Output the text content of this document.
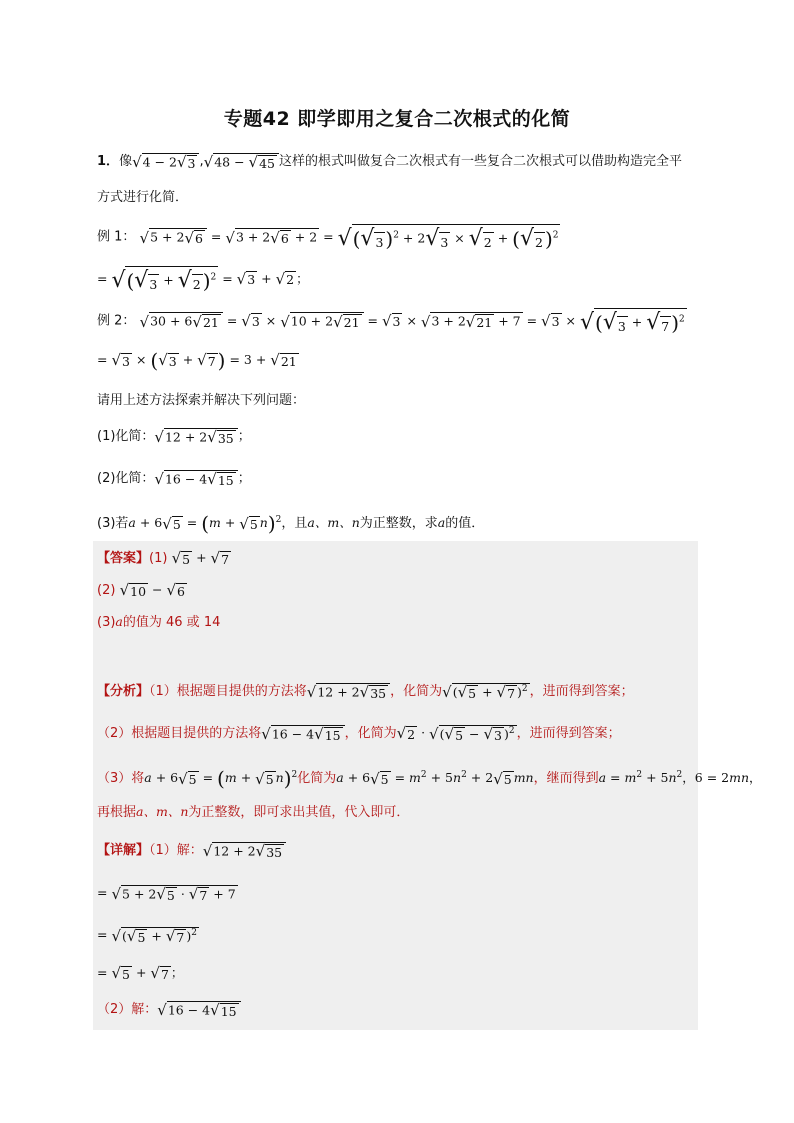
专题42 即学即用之复合二次根式的化简
1．像 √ 4 − 2 √ 3 , √ 48 − √ 45 这样的根式叫做复合二次根式有一些复合二次根式可以借助构造完全平
方式进行化简．
例 1： √ 5 + 2 √ 6 = √ 3 + 2 √ 6 + 2 = √ ( √ 3 )$^2$ + 2 √ 3 × √ 2 + ( √ 2 )$^2$
= √ ( √ 3 + √ 2 )$^2$ = √ 3 + √ 2 ；
例 2： √ 30 + 6 √ 21 = √ 3 × √ 10 + 2 √ 21 = √ 3 × √ 3 + 2 √ 21 + 7 = √ 3 × √ ( √ 3 + √ 7 )$^2$
= √ 3 × ( √ 3 + √ 7 ) = 3 + √ 21
请用上述方法探索并解决下列问题：
(1)化简： √ 12 + 2 √ 35 ；
(2)化简： √ 16 − 4 √ 15 ；
(3)若a + 6 √ 5 = (m + √ 5 n)$^2$，且a、m、n为正整数，求a的值．
【答案】(1) √ 5 + √ 7
(2) √ 10 − √ 6
(3)a的值为 46 或 14
【分析】（1）根据题目提供的方法将 √ 12 + 2 √ 35 ，化简为 √ ( √ 5 + √ 7 )$^2$ ，进而得到答案；
（2）根据题目提供的方法将 √ 16 − 4 √ 15 ，化简为 √ 2 · √ ( √ 5 − √ 3 )$^2$ ，进而得到答案；
（3）将a + 6 √ 5 = (m + √ 5 n)$^2$化简为a + 6 √ $5 = m^2 + 5n^2 + 2$ √ 5 mn，继而得到$a = m^2 + 5n^2$，6 = 2mn，
再根据a、m、n为正整数，即可求出其值，代入即可．
【详解】（1）解： √ 12 + 2 √ 35
= √ 5 + 2 √ 5 · √ 7 + 7
= √ ( √ 5 + √ 7 )$^2$
= √ 5 + √ 7 ；
（2）解： √ 16 − 4 √ 15
